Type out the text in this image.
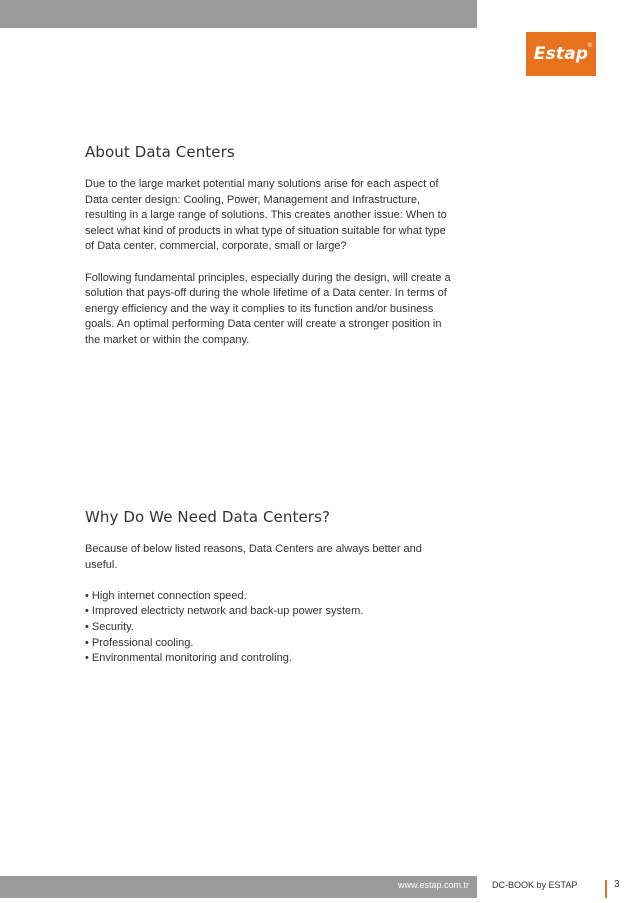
Estap
®
About Data Centers

Due to the large market potential many solutions arise for each aspect of Data center design: Cooling, Power, Management and Infrastructure, resulting in a large range of solutions. This creates another issue: When to select what kind of products in what type of situation suitable for what type of Data center, commercial, corporate, small or large?

Following fundamental principles, especially during the design, will create a solution that pays-off during the whole lifetime of a Data center. In terms of energy efficiency and the way it complies to its function and/or business goals. An optimal performing Data center will create a stronger position in the market or within the company.

Why Do We Need Data Centers?

Because of below listed reasons, Data Centers are always better and useful.

• High internet connection speed.
• Improved electricty network and back-up power system.
• Security.
• Professional cooling.
• Environmental monitoring and controling.
www.estap.com.tr	DC-BOOK by ESTAP	3
